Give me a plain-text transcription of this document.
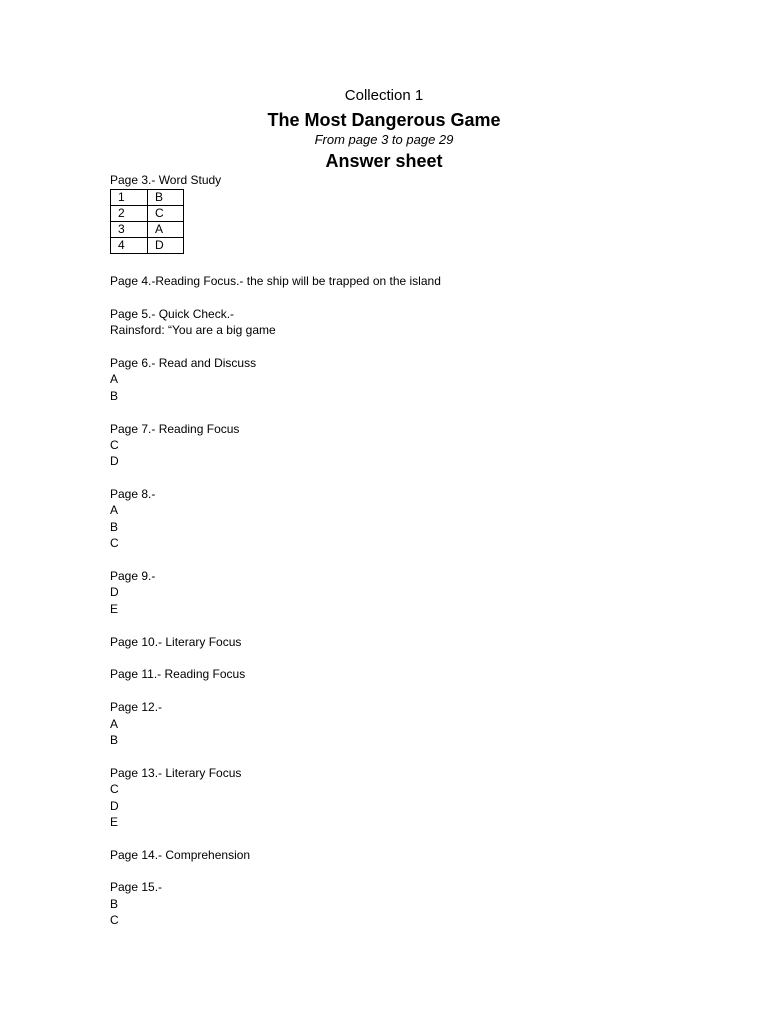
Collection 1
The Most Dangerous Game
From page 3 to page 29
Answer sheet
Page 3.- Word Study
1	B
2	C
3	A
4	D
Page 4.-Reading Focus.- the ship will be trapped on the island
Page 5.- Quick Check.-
Rainsford: “You are a big game
Page 6.- Read and Discuss
A
B
Page 7.- Reading Focus
C
D
Page 8.-
A
B
C
Page 9.-
D
E
Page 10.- Literary Focus
Page 11.- Reading Focus
Page 12.-
A
B
Page 13.- Literary Focus
C
D
E
Page 14.- Comprehension
Page 15.-
B
C
